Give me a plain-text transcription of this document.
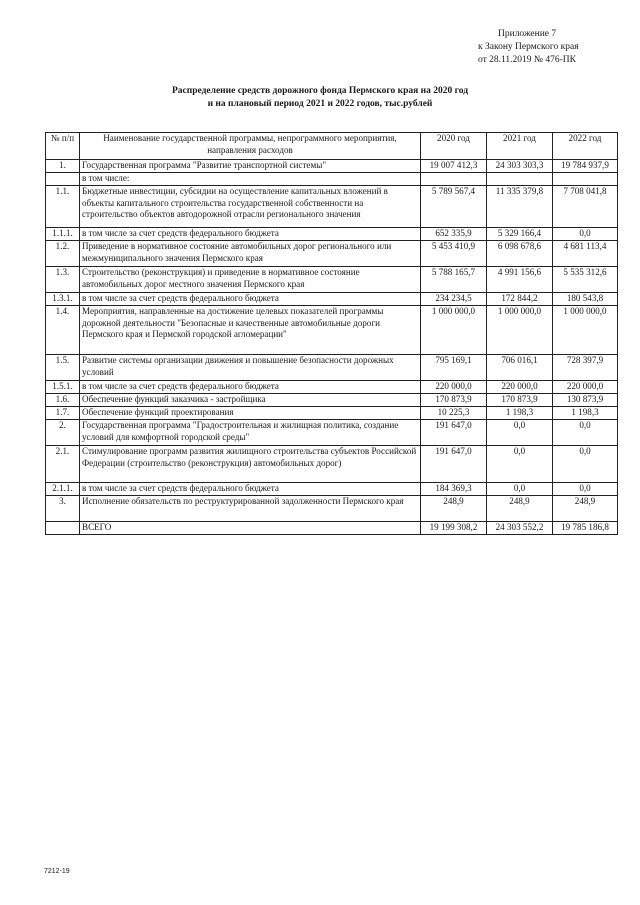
Приложение 7
к Закону Пермского края
от 28.11.2019 № 476-ПК
Распределение средств дорожного фонда Пермского края на 2020 год
и на плановый период 2021 и 2022 годов, тыс.рублей
№ п/п	Наименование государственной программы, непрограммного мероприятия, направления расходов	2020 год	2021 год	2022 год
1.	Государственная программа "Развитие транспортной системы"	19 007 412,3	24 303 303,3	19 784 937,9
	в том числе:			
1.1.	Бюджетные инвестиции, субсидии на осуществление капитальных вложений в объекты капитального строительства государственной собственности на строительство объектов автодорожной отрасли регионального значения	5 789 567,4	11 335 379,8	7 708 041,8
1.1.1.	в том числе за счет средств федерального бюджета	652 335,9	5 329 166,4	0,0
1.2.	Приведение в нормативное состояние автомобильных дорог регионального или межмуниципального значения Пермского края	5 453 410,9	6 098 678,6	4 681 113,4
1.3.	Строительство (реконструкция) и приведение в нормативное состояние автомобильных дорог местного значения Пермского края	5 788 165,7	4 991 156,6	5 535 312,6
1.3.1.	в том числе за счет средств федерального бюджета	234 234,5	172 844,2	180 543,8
1.4.	Мероприятия, направленные на достижение целевых показателей программы дорожной деятельности "Безопасные и качественные автомобильные дороги Пермского края и Пермской городской агломерации"	1 000 000,0	1 000 000,0	1 000 000,0
1.5.	Развитие системы организации движения и повышение безопасности дорожных условий	795 169,1	706 016,1	728 397,9
1.5.1.	в том числе за счет средств федерального бюджета	220 000,0	220 000,0	220 000,0
1.6.	Обеспечение функций заказчика - застройщика	170 873,9	170 873,9	130 873,9
1.7.	Обеспечение функций проектирования	10 225,3	1 198,3	1 198,3
2.	Государственная программа "Градостроительная и жилищная политика, создание условий для комфортной городской среды"	191 647,0	0,0	0,0
2.1.	Стимулирование программ развития жилищного строительства субъектов Российской Федерации (строительство (реконструкция) автомобильных дорог)	191 647,0	0,0	0,0
2.1.1.	в том числе за счет средств федерального бюджета	184 369,3	0,0	0,0
3.	Исполнение обязательств по реструктурированной задолженности Пермского края	248,9	248,9	248,9
	ВСЕГО	19 199 308,2	24 303 552,2	19 785 186,8
7212-19
